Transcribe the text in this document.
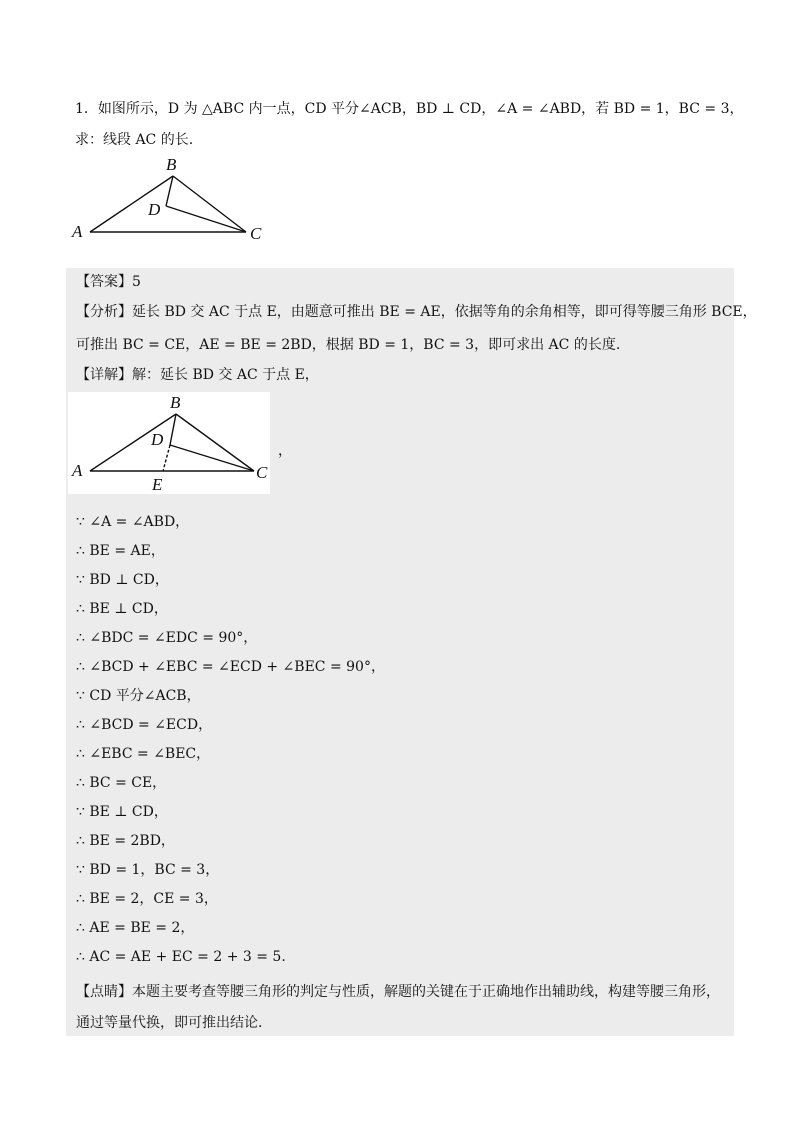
1．如图所示，D 为 △ABC 内一点，CD 平分∠ACB，BD ⊥ CD，∠A = ∠ABD，若 BD = 1，BC = 3，
求：线段 AC 的长.
B
D
A	C
【答案】5
【分析】延长 BD 交 AC 于点 E，由题意可推出 BE = AE，依据等角的余角相等，即可得等腰三角形 BCE，
可推出 BC = CE，AE = BE = 2BD，根据 BD = 1，BC = 3，即可求出 AC 的长度.
【详解】解：延长 BD 交 AC 于点 E，
B
D
A	C
E
，
∵ ∠A = ∠ABD，
∴ BE = AE，
∵ BD ⊥ CD，
∴ BE ⊥ CD，
∴ ∠BDC = ∠EDC = 90°，
∴ ∠BCD + ∠EBC = ∠ECD + ∠BEC = 90°，
∵ CD 平分∠ACB，
∴ ∠BCD = ∠ECD，
∴ ∠EBC = ∠BEC，
∴ BC = CE，
∵ BE ⊥ CD，
∴ BE = 2BD，
∵ BD = 1，BC = 3，
∴ BE = 2，CE = 3，
∴ AE = BE = 2，
∴ AC = AE + EC = 2 + 3 = 5.
【点睛】本题主要考查等腰三角形的判定与性质，解题的关键在于正确地作出辅助线，构建等腰三角形，
通过等量代换，即可推出结论.
